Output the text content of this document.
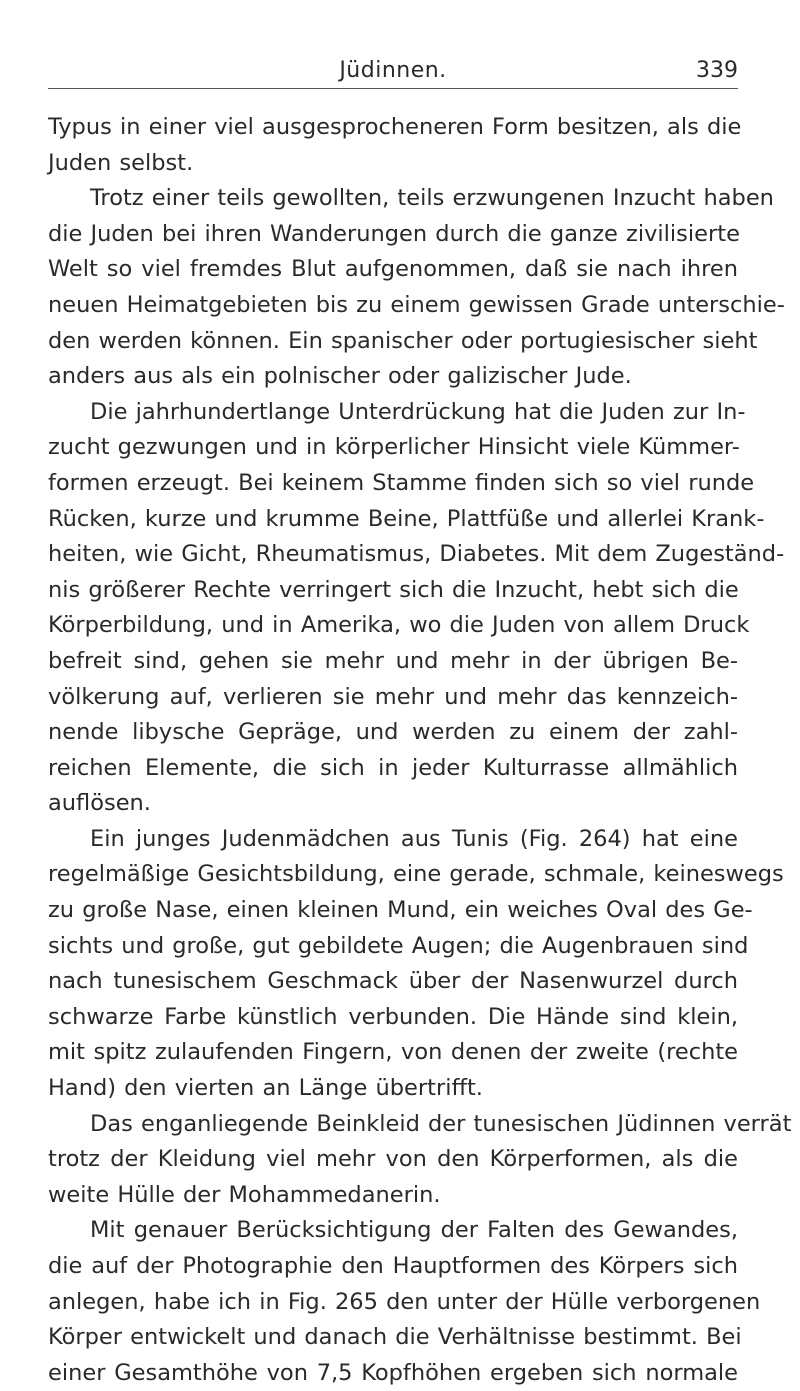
Jüdinnen.	339
Typus in einer viel ausgesprocheneren Form besitzen, als die
Juden selbst.
Trotz einer teils gewollten, teils erzwungenen Inzucht haben
die Juden bei ihren Wanderungen durch die ganze zivilisierte
Welt so viel fremdes Blut aufgenommen, daß sie nach ihren
neuen Heimatgebieten bis zu einem gewissen Grade unterschie-
den werden können. Ein spanischer oder portugiesischer sieht
anders aus als ein polnischer oder galizischer Jude.
Die jahrhundertlange Unterdrückung hat die Juden zur In-
zucht gezwungen und in körperlicher Hinsicht viele Kümmer-
formen erzeugt. Bei keinem Stamme finden sich so viel runde
Rücken, kurze und krumme Beine, Plattfüße und allerlei Krank-
heiten, wie Gicht, Rheumatismus, Diabetes. Mit dem Zugeständ-
nis größerer Rechte verringert sich die Inzucht, hebt sich die
Körperbildung, und in Amerika, wo die Juden von allem Druck
befreit sind, gehen sie mehr und mehr in der übrigen Be-
völkerung auf, verlieren sie mehr und mehr das kennzeich-
nende libysche Gepräge, und werden zu einem der zahl-
reichen Elemente, die sich in jeder Kulturrasse allmählich
auflösen.
Ein junges Judenmädchen aus Tunis (Fig. 264) hat eine
regelmäßige Gesichtsbildung, eine gerade, schmale, keineswegs
zu große Nase, einen kleinen Mund, ein weiches Oval des Ge-
sichts und große, gut gebildete Augen; die Augenbrauen sind
nach tunesischem Geschmack über der Nasenwurzel durch
schwarze Farbe künstlich verbunden. Die Hände sind klein,
mit spitz zulaufenden Fingern, von denen der zweite (rechte
Hand) den vierten an Länge übertrifft.
Das enganliegende Beinkleid der tunesischen Jüdinnen verrät
trotz der Kleidung viel mehr von den Körperformen, als die
weite Hülle der Mohammedanerin.
Mit genauer Berücksichtigung der Falten des Gewandes,
die auf der Photographie den Hauptformen des Körpers sich
anlegen, habe ich in Fig. 265 den unter der Hülle verborgenen
Körper entwickelt und danach die Verhältnisse bestimmt. Bei
einer Gesamthöhe von 7,5 Kopfhöhen ergeben sich normale
